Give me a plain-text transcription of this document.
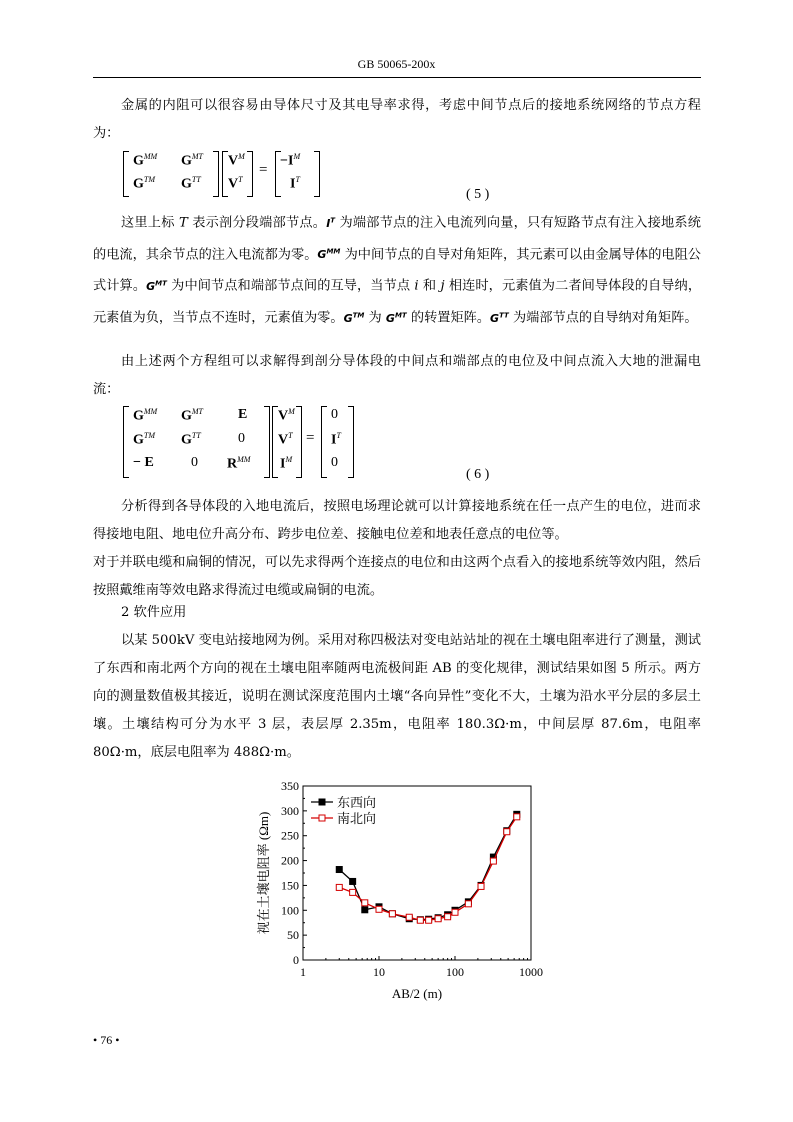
GB 50065-200x

金属的内阻可以很容易由导体尺寸及其电导率求得，考虑中间节点后的接地系统网络的节点方程为：

$G^{MM}$ $G^{MT}$
G™ $G^{TT}$
$V^M$
$V^T$
=
$-I^M$
$I^T$
( 5 )

这里上标 T 表示剖分段端部节点。$I^T$ 为端部节点的注入电流列向量，只有短路节点有注入接地系统的电流，其余节点的注入电流都为零。$G^{MM}$ 为中间节点的自导对角矩阵，其元素可以由金属导体的电阻公式计算。$G^{MT}$ 为中间节点和端部节点间的互导，当节点 i 和 j 相连时，元素值为二者间导体段的自导纳，元素值为负，当节点不连时，元素值为零。G™ 为 $G^{MT}$ 的转置矩阵。$G^{TT}$ 为端部节点的自导纳对角矩阵。

由上述两个方程组可以求解得到剖分导体段的中间点和端部点的电位及中间点流入大地的泄漏电流：

$G^{MM}$ $G^{MT}$ E
G™ $G^{TT}$	0
− E	0 $R^{MM}$
$V^M$
$V^T$
$I^M$
=
0
$I^T$
0
( 6 )

分析得到各导体段的入地电流后，按照电场理论就可以计算接地系统在任一点产生的电位，进而求得接地电阻、地电位升高分布、跨步电位差、接触电位差和地表任意点的电位等。

对于并联电缆和扁铜的情况，可以先求得两个连接点的电位和由这两个点看入的接地系统等效内阻，然后按照戴维南等效电路求得流过电缆或扁铜的电流。

2 软件应用

以某 500kV 变电站接地网为例。采用对称四极法对变电站站址的视在土壤电阻率进行了测量，测试了东西和南北两个方向的视在土壤电阻率随两电流极间距 AB 的变化规律，测试结果如图 5 所示。两方向的测量数值极其接近，说明在测试深度范围内土壤“各向异性”变化不大，土壤为沿水平分层的多层土壤。土壤结构可分为水平 3 层，表层厚 2.35m，电阻率 180.3Ω·m，中间层厚 87.6m，电阻率 80Ω·m，底层电阻率为 488Ω·m。

0
50
100
150
200
250
300
350
1	10	100	1000
AB/2 (m)
视在土壤电阻率 (Ωm)
东西向
南北向
• 76 •
